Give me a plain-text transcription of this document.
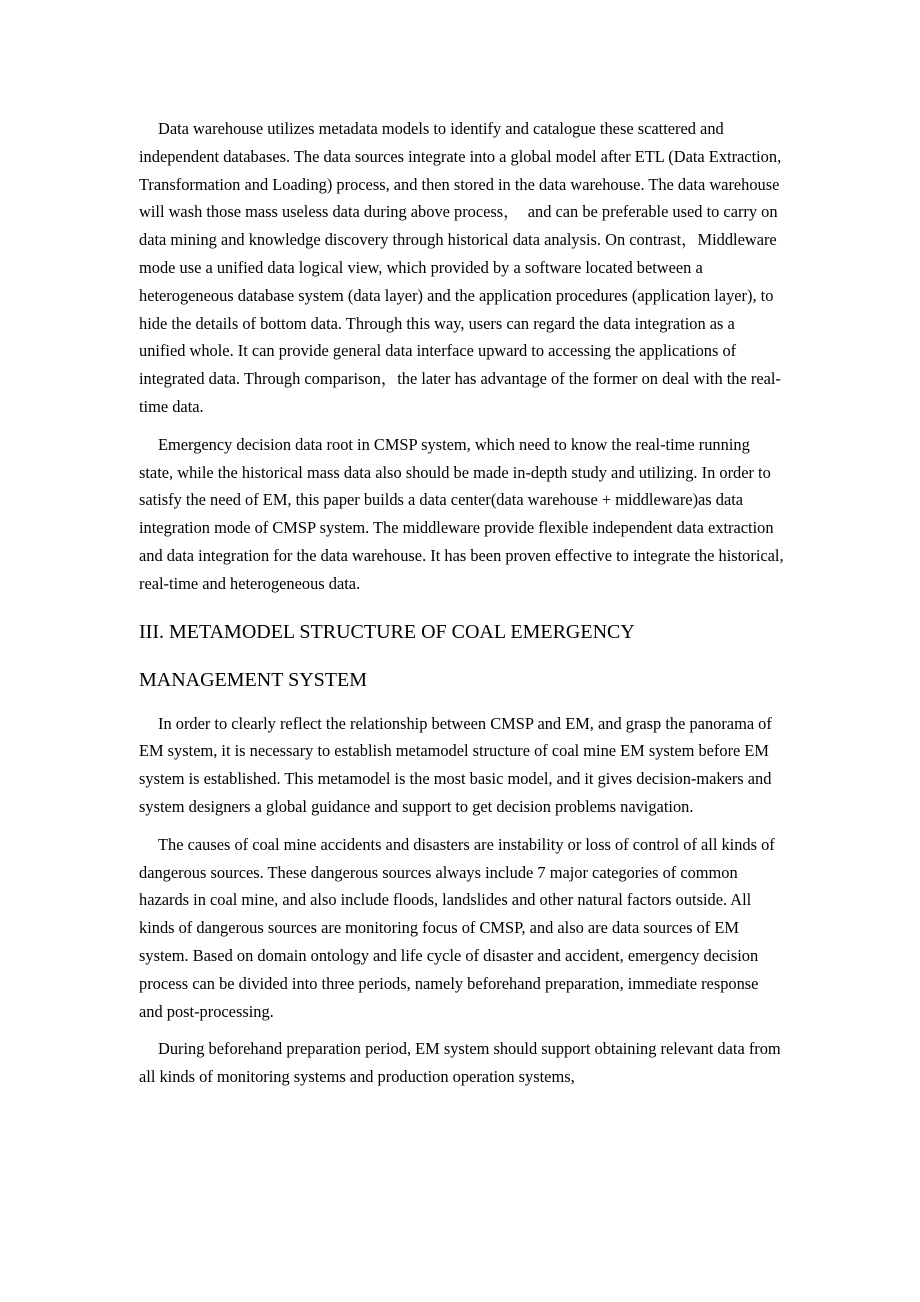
Data warehouse utilizes metadata models to identify and catalogue these scattered and independent databases. The data sources integrate into a global model after ETL (Data Extraction, Transformation and Loading) process, and then stored in the data warehouse. The data warehouse will wash those mass useless data during above process，　and can be preferable used to carry on data mining and knowledge discovery through historical data analysis. On contrast，Middleware mode use a unified data logical view, which provided by a software located between a heterogeneous database system (data layer) and the application procedures (application layer), to hide the details of bottom data. Through this way, users can regard the data integration as a unified whole. It can provide general data interface upward to accessing the applications of integrated data. Through comparison，the later has advantage of the former on deal with the real-time data.

Emergency decision data root in CMSP system, which need to know the real-time running state, while the historical mass data also should be made in-depth study and utilizing. In order to satisfy the need of EM, this paper builds a data center(data warehouse + middleware)as data integration mode of CMSP system. The middleware provide flexible independent data extraction and data integration for the data warehouse. It has been proven effective to integrate the historical, real-time and heterogeneous data.

III. METAMODEL STRUCTURE OF COAL EMERGENCY
MANAGEMENT SYSTEM

In order to clearly reflect the relationship between CMSP and EM, and grasp the panorama of EM system, it is necessary to establish metamodel structure of coal mine EM system before EM system is established. This metamodel is the most basic model, and it gives decision-makers and system designers a global guidance and support to get decision problems navigation.

The causes of coal mine accidents and disasters are instability or loss of control of all kinds of dangerous sources. These dangerous sources always include 7 major categories of common hazards in coal mine, and also include floods, landslides and other natural factors outside. All kinds of dangerous sources are monitoring focus of CMSP, and also are data sources of EM system. Based on domain ontology and life cycle of disaster and accident, emergency decision process can be divided into three periods, namely beforehand preparation, immediate response and post-processing.

During beforehand preparation period, EM system should support obtaining relevant data from all kinds of monitoring systems and production operation systems,
